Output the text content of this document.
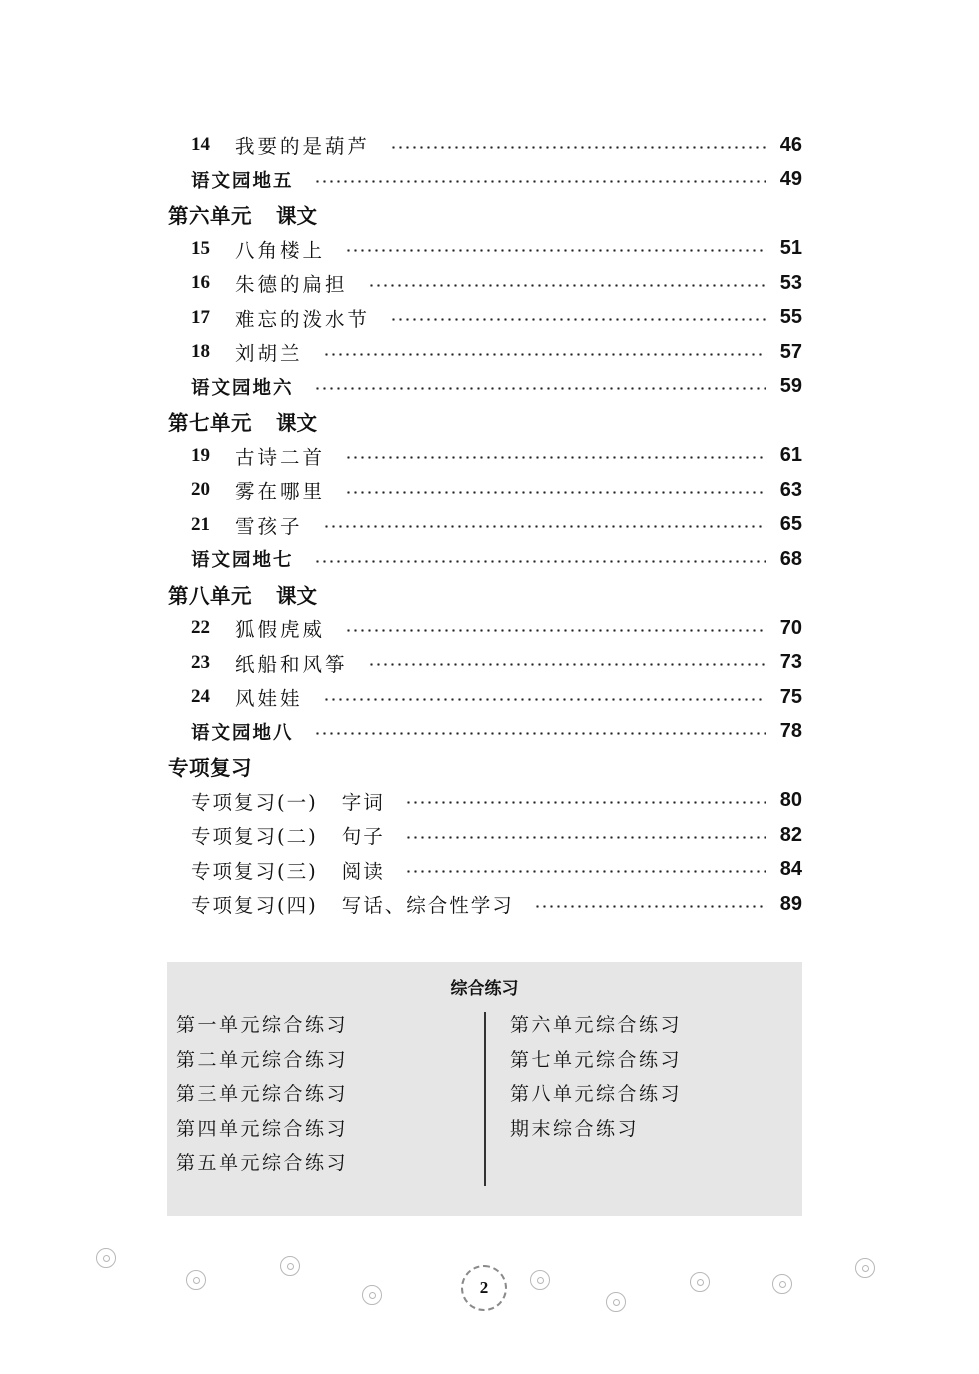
14	我要的是葫芦	46
语文园地五	49
第六单元 课文
15	八角楼上	51
16	朱德的扁担	53
17	难忘的泼水节	55
18	刘胡兰	57
语文园地六	59
第七单元 课文
19	古诗二首	61
20	雾在哪里	63
21	雪孩子	65
语文园地七	68
第八单元 课文
22	狐假虎威	70
23	纸船和风筝	73
24	风娃娃	75
语文园地八	78
专项复习
专项复习(一) 字词	80
专项复习(二) 句子	82
专项复习(三) 阅读	84
专项复习(四) 写话、综合性学习	89
综合练习
第一单元综合练习
第二单元综合练习
第三单元综合练习
第四单元综合练习
第五单元综合练习
第六单元综合练习
第七单元综合练习
第八单元综合练习
期末综合练习
2
